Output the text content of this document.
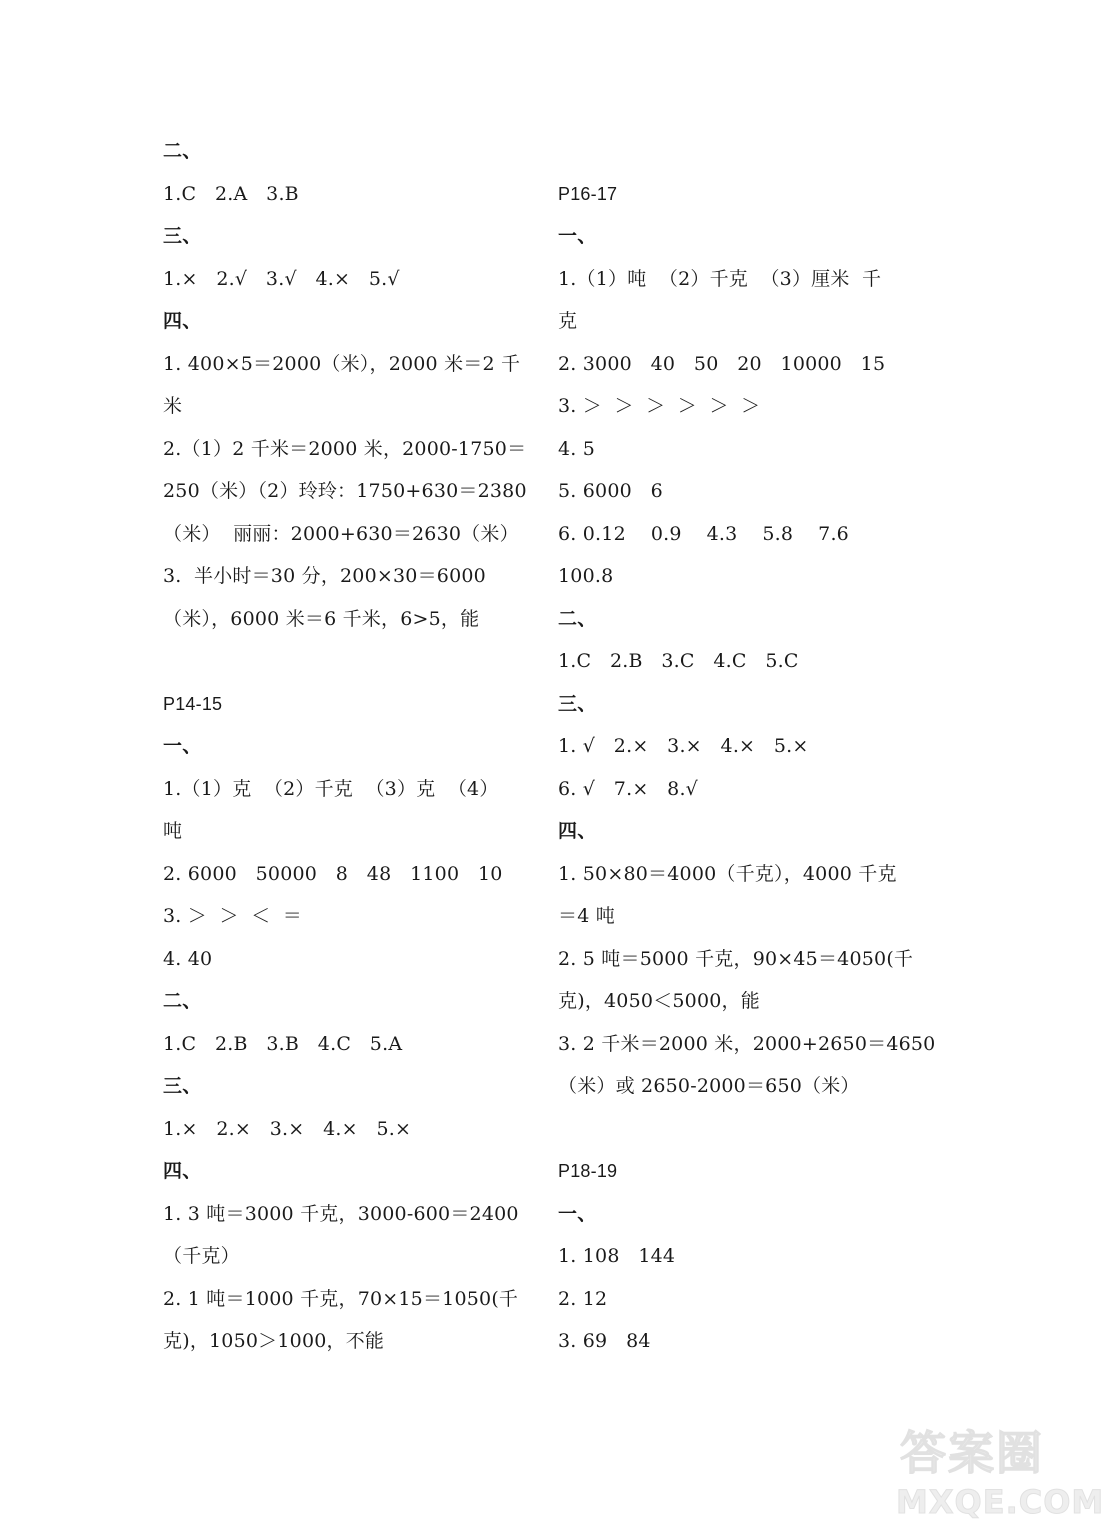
二、
1.C   2.A   3.B
三、
1.×   2.√   3.√   4.×   5.√
四、
1. 400×5＝2000（米），2000 米＝2 千
米
2.（1）2 千米＝2000 米，2000-1750＝
250（米）（2）玲玲：1750+630＝2380
（米）  丽丽：2000+630＝2630（米）
3.  半小时＝30 分，200×30＝6000
（米），6000 米＝6 千米，6>5，能
P14-15
一、
1.（1）克  （2）千克  （3）克  （4）
吨
2. 6000   50000   8   48   1100   10
3. ＞  ＞  ＜  ＝
4. 40
二、
1.C   2.B   3.B   4.C   5.A
三、
1.×   2.×   3.×   4.×   5.×
四、
1. 3 吨＝3000 千克，3000-600＝2400
（千克）
2. 1 吨＝1000 千克，70×15＝1050(千
克)，1050＞1000，不能
P16-17
一、
1.（1）吨  （2）千克  （3）厘米  千
克
2. 3000   40   50   20   10000   15
3. ＞  ＞  ＞  ＞  ＞  ＞
4. 5
5. 6000   6
6. 0.12    0.9    4.3    5.8    7.6
100.8
二、
1.C   2.B   3.C   4.C   5.C
三、
1. √   2.×   3.×   4.×   5.×
6. √   7.×   8.√
四、
1. 50×80＝4000（千克），4000 千克
＝4 吨
2. 5 吨＝5000 千克，90×45＝4050(千
克)，4050＜5000，能
3. 2 千米＝2000 米，2000+2650＝4650
（米）或 2650-2000＝650（米）
P18-19
一、
1. 108   144
2. 12
3. 69   84
答案圈
MXQE.COM
